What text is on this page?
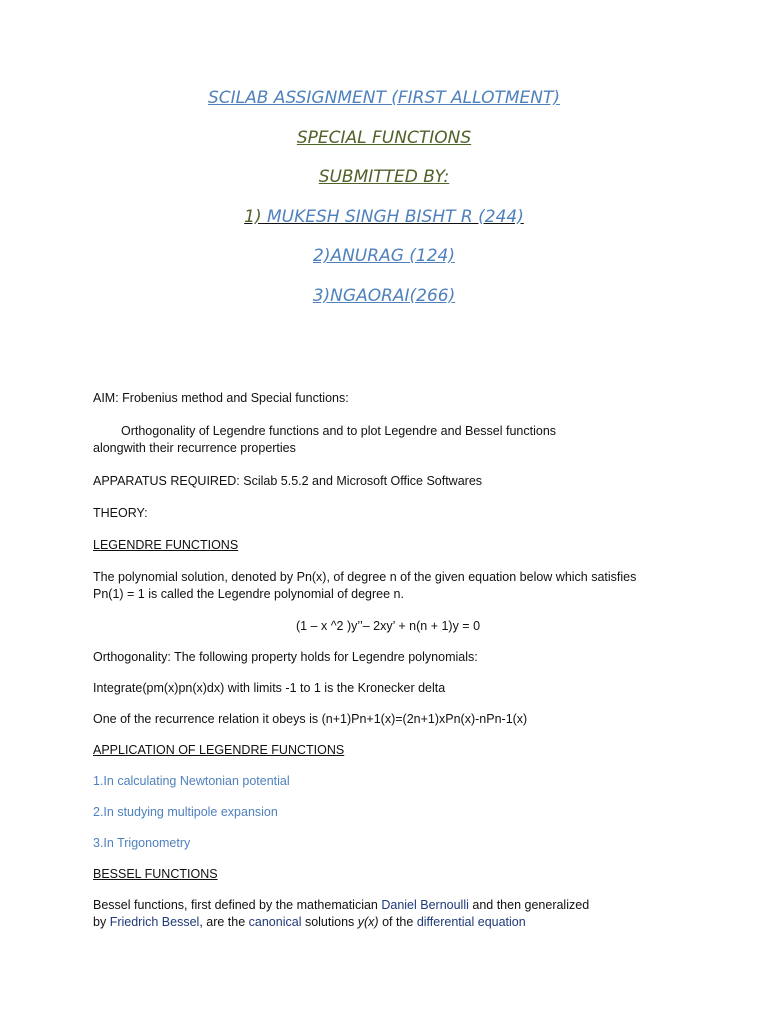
SCILAB ASSIGNMENT (FIRST ALLOTMENT)
SPECIAL FUNCTIONS
SUBMITTED BY:
1) MUKESH SINGH BISHT R (244)
2)ANURAG (124)
3)NGAORAI(266)

AIM: Frobenius method and Special functions:

Orthogonality of Legendre functions and to plot Legendre and Bessel functions

alongwith their recurrence properties

APPARATUS REQUIRED: Scilab 5.5.2 and Microsoft Office Softwares

THEORY:

LEGENDRE FUNCTIONS

The polynomial solution, denoted by Pn(x), of degree n of the given equation below which satisfies

Pn(1) = 1 is called the Legendre polynomial of degree n.

(1 – x ^2 )y’’– 2xy’ + n(n + 1)y = 0

Orthogonality: The following property holds for Legendre polynomials:

Integrate(pm(x)pn(x)dx) with limits -1 to 1 is the Kronecker delta

One of the recurrence relation it obeys is (n+1)Pn+1(x)=(2n+1)xPn(x)-nPn-1(x)

APPLICATION OF LEGENDRE FUNCTIONS

1.In calculating Newtonian potential

2.In studying multipole expansion

3.In Trigonometry

BESSEL FUNCTIONS

Bessel functions, first defined by the mathematician Daniel Bernoulli and then generalized

by Friedrich Bessel, are the canonical solutions y(x) of the differential equation
